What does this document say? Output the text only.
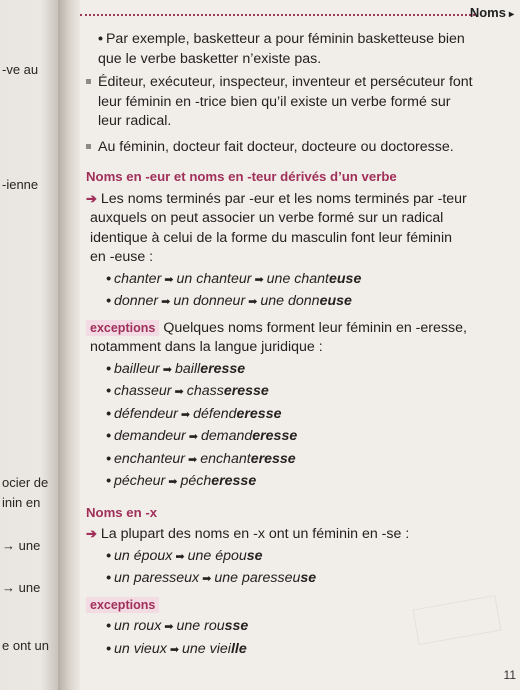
-ve au
-ienne
ocier de
inin en
→ une
→ une
e ont un
Noms ▸

• Par exemple, basketteur a pour féminin basketteuse bien
que le verbe basketter n’existe pas.

Éditeur, exécuteur, inspecteur, inventeur et persécuteur font
leur féminin en -trice bien qu’il existe un verbe formé sur
leur radical.

Au féminin, docteur fait docteur, docteure ou doctoresse.

Noms en -eur et noms en -teur dérivés d’un verbe

➔ Les noms terminés par -eur et les noms terminés par -teur
auxquels on peut associer un verbe formé sur un radical
identique à celui de la forme du masculin font leur féminin
en -euse :

• chanter ➡ un chanteur ➡ une chanteuse
• donner ➡ un donneur ➡ une donneuse

exceptions Quelques noms forment leur féminin en -eresse,
notamment dans la langue juridique :

• bailleur ➡ bailleresse
• chasseur ➡ chasseresse
• défendeur ➡ défenderesse
• demandeur ➡ demanderesse
• enchanteur ➡ enchanteresse
• pécheur ➡ pécheresse
Noms en -x

➔ La plupart des noms en -x ont un féminin en -se :

• un époux ➡ une épouse
• un paresseux ➡ une paresseuse
exceptions
• un roux ➡ une rousse
• un vieux ➡ une vieille
11
